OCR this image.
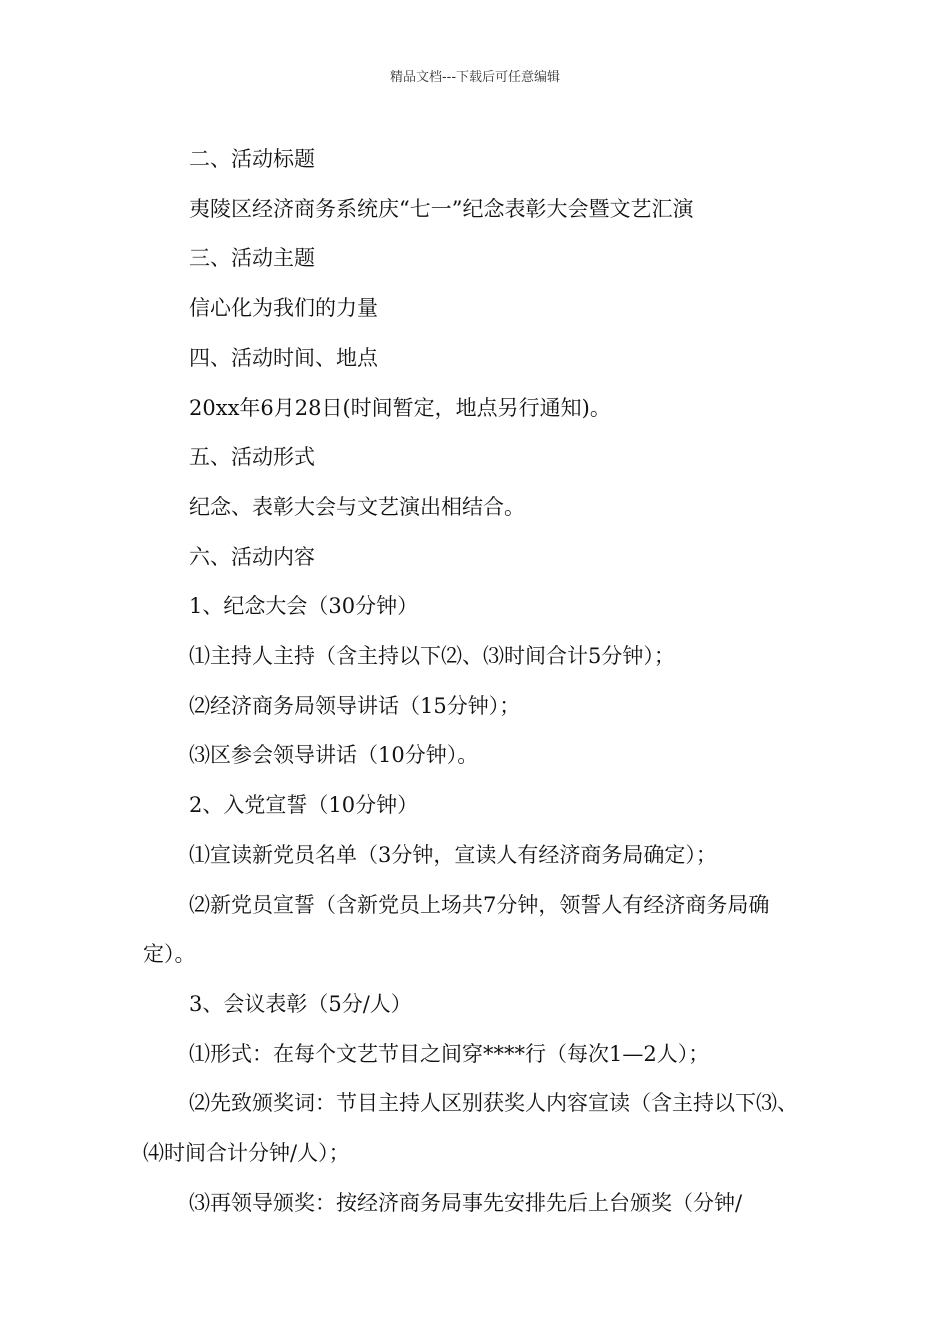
精品文档---下载后可任意编辑

二、活动标题

夷陵区经济商务系统庆“七一”纪念表彰大会暨文艺汇演

三、活动主题

信心化为我们的力量

四、活动时间、地点

20xx年6月28日(时间暂定，地点另行通知)。

五、活动形式

纪念、表彰大会与文艺演出相结合。

六、活动内容

1、纪念大会（30分钟）

⑴主持人主持（含主持以下⑵、⑶时间合计5分钟）；

⑵经济商务局领导讲话（15分钟）；

⑶区参会领导讲话（10分钟）。

2、入党宣誓（10分钟）

⑴宣读新党员名单（3分钟，宣读人有经济商务局确定）；

⑵新党员宣誓（含新党员上场共7分钟，领誓人有经济商务局确定）。

3、会议表彰（5分/人）

⑴形式：在每个文艺节目之间穿****行（每次1—2人）；

⑵先致颁奖词：节目主持人区别获奖人内容宣读（含主持以下⑶、⑷时间合计分钟/人）；

⑶再领导颁奖：按经济商务局事先安排先后上台颁奖（分钟/
